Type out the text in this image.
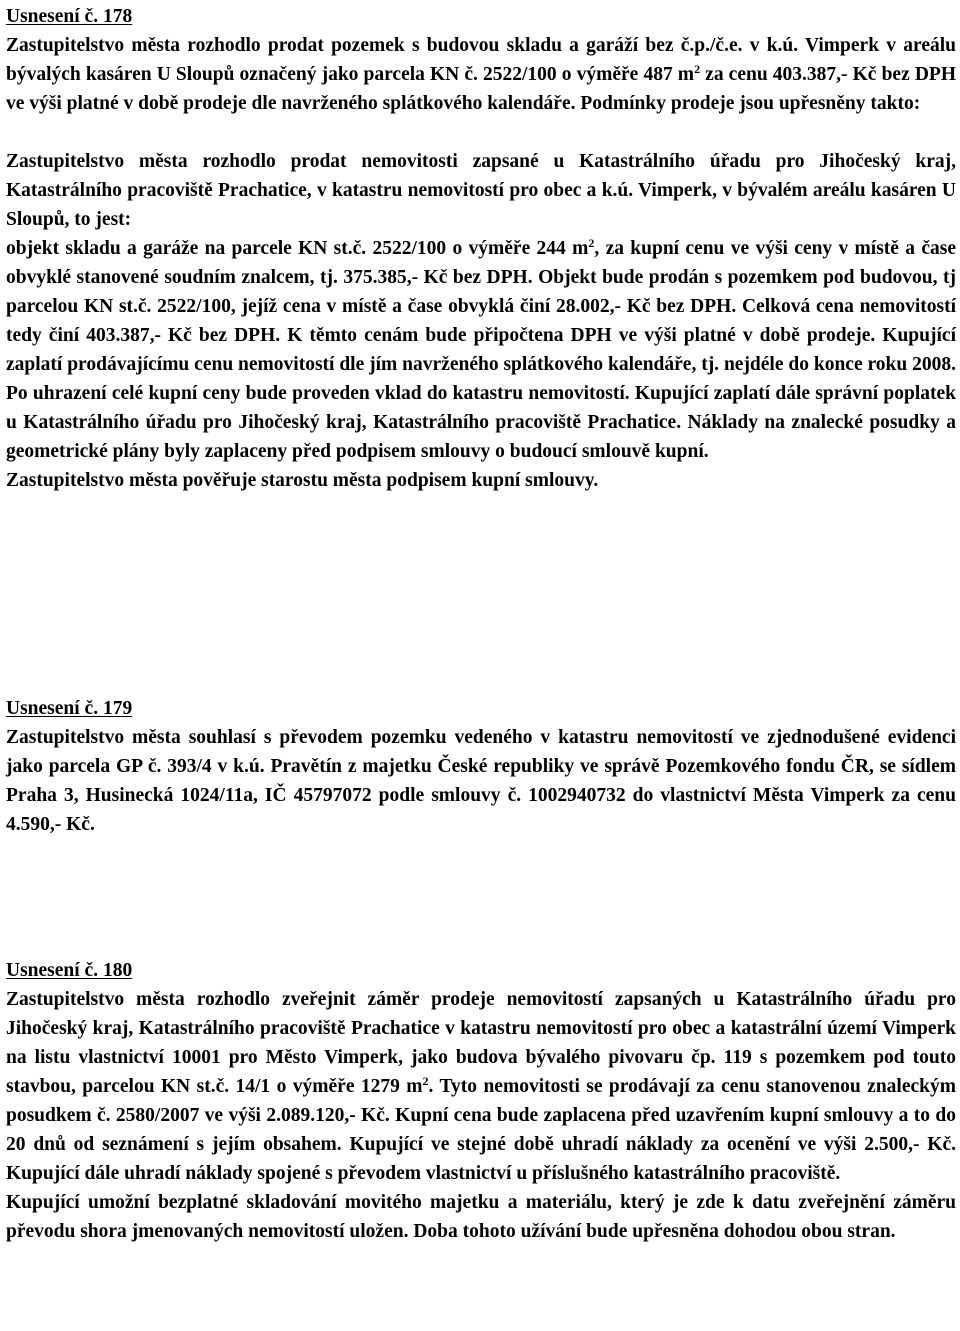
Usnesení č. 178

Zastupitelstvo města rozhodlo prodat pozemek s budovou skladu a garáží bez č.p./č.e. v k.ú. Vimperk v areálu bývalých kasáren U Sloupů označený jako parcela KN č. 2522/100 o výměře 487 $m^2$ za cenu 403.387,- Kč bez DPH ve výši platné v době prodeje dle navrženého splátkového kalendáře. Podmínky prodeje jsou upřesněny takto:

Zastupitelstvo města rozhodlo prodat nemovitosti zapsané u Katastrálního úřadu pro Jihočeský kraj, Katastrálního pracoviště Prachatice, v katastru nemovitostí pro obec a k.ú. Vimperk, v bývalém areálu kasáren U Sloupů, to jest:

objekt skladu a garáže na parcele KN st.č. 2522/100 o výměře 244 $m^2$, za kupní cenu ve výši ceny v místě a čase obvyklé stanovené soudním znalcem, tj. 375.385,- Kč bez DPH. Objekt bude prodán s pozemkem pod budovou, tj parcelou KN st.č. 2522/100, jejíž cena v místě a čase obvyklá činí 28.002,- Kč bez DPH. Celková cena nemovitostí tedy činí 403.387,- Kč bez DPH. K těmto cenám bude připočtena DPH ve výši platné v době prodeje. Kupující zaplatí prodávajícímu cenu nemovitostí dle jím navrženého splátkového kalendáře, tj. nejdéle do konce roku 2008. Po uhrazení celé kupní ceny bude proveden vklad do katastru nemovitostí. Kupující zaplatí dále správní poplatek u Katastrálního úřadu pro Jihočeský kraj, Katastrálního pracoviště Prachatice. Náklady na znalecké posudky a geometrické plány byly zaplaceny před podpisem smlouvy o budoucí smlouvě kupní.

Zastupitelstvo města pověřuje starostu města podpisem kupní smlouvy.

Usnesení č. 179

Zastupitelstvo města souhlasí s převodem pozemku vedeného v katastru nemovitostí ve zjednodušené evidenci jako parcela GP č. 393/4 v k.ú. Pravětín z majetku České republiky ve správě Pozemkového fondu ČR, se sídlem Praha 3, Husinecká 1024/11a, IČ 45797072 podle smlouvy č. 1002940732 do vlastnictví Města Vimperk za cenu 4.590,- Kč.

Usnesení č. 180

Zastupitelstvo města rozhodlo zveřejnit záměr prodeje nemovitostí zapsaných u Katastrálního úřadu pro Jihočeský kraj, Katastrálního pracoviště Prachatice v katastru nemovitostí pro obec a katastrální území Vimperk na listu vlastnictví 10001 pro Město Vimperk, jako budova bývalého pivovaru čp. 119 s pozemkem pod touto stavbou, parcelou KN st.č. 14/1 o výměře 1279 $m^2$. Tyto nemovitosti se prodávají za cenu stanovenou znaleckým posudkem č. 2580/2007 ve výši 2.089.120,- Kč. Kupní cena bude zaplacena před uzavřením kupní smlouvy a to do 20 dnů od seznámení s jejím obsahem. Kupující ve stejné době uhradí náklady za ocenění ve výši 2.500,- Kč. Kupující dále uhradí náklady spojené s převodem vlastnictví u příslušného katastrálního pracoviště.

Kupující umožní bezplatné skladování movitého majetku a materiálu, který je zde k datu zveřejnění záměru převodu shora jmenovaných nemovitostí uložen. Doba tohoto užívání bude upřesněna dohodou obou stran.
